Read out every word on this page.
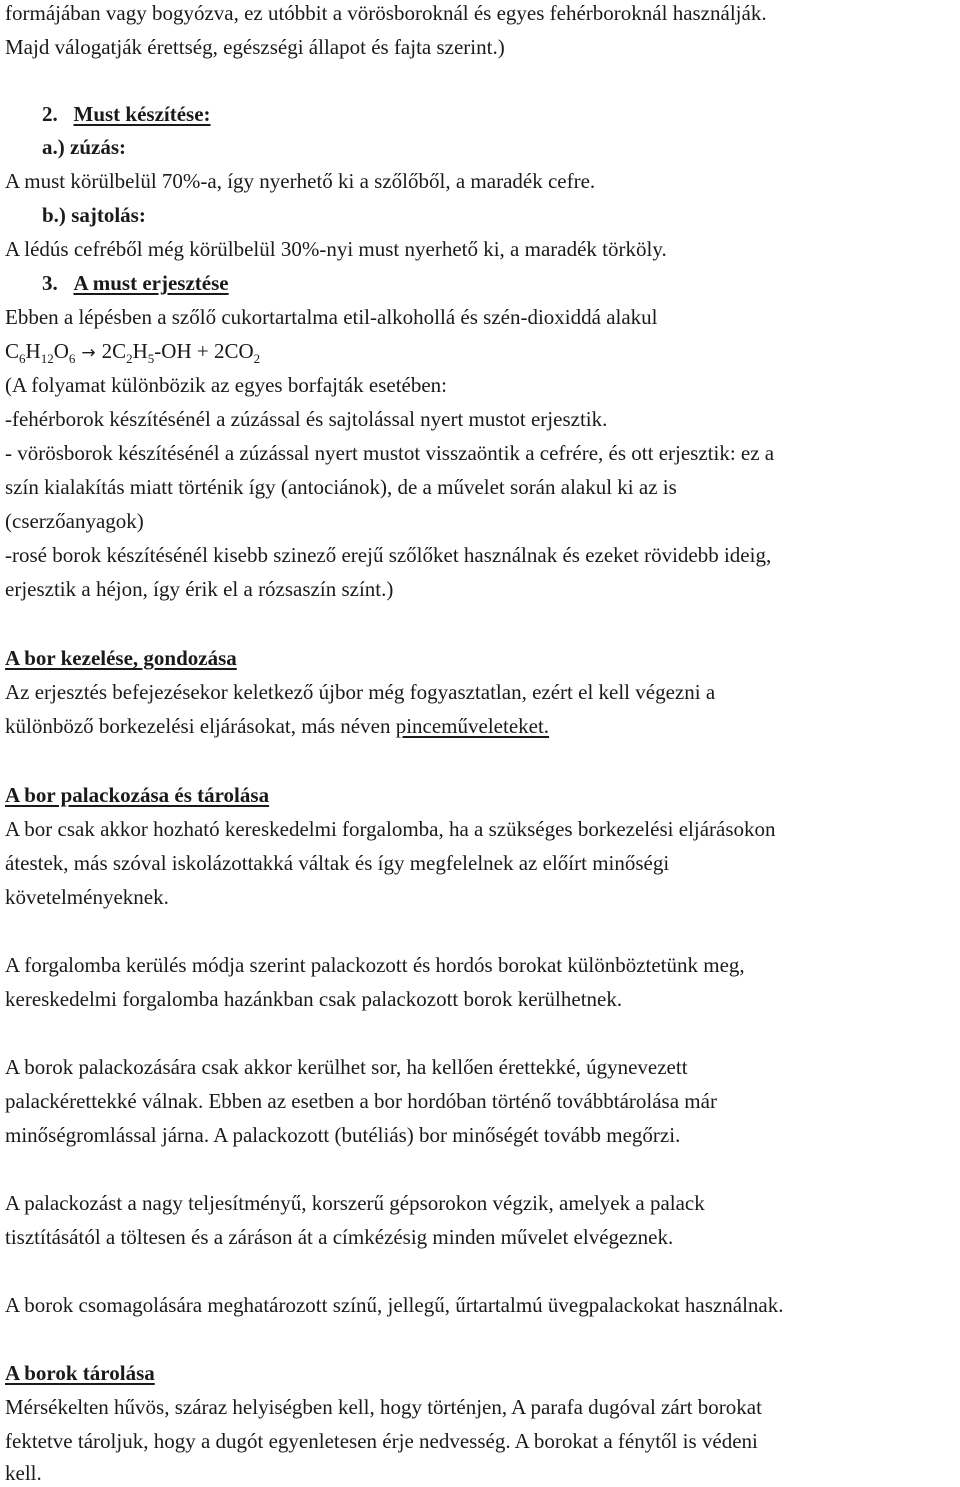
formájában vagy bogyózva, ez utóbbit a vörösboroknál és egyes fehérboroknál használják.
Majd válogatják érettség, egészségi állapot és fajta szerint.)
2. Must készítése:
a.) zúzás:
A must körülbelül 70%-a, így nyerhető ki a szőlőből, a maradék cefre.
b.) sajtolás:
A lédús cefréből még körülbelül 30%-nyi must nyerhető ki, a maradék törköly.
3. A must erjesztése
Ebben a lépésben a szőlő cukortartalma etil-alkohollá és szén-dioxiddá alakul
$C_6H_{12}O_6 \to 2C_2H_5-OH + 2CO_2$
(A folyamat különbözik az egyes borfajták esetében:
-fehérborok készítésénél a zúzással és sajtolással nyert mustot erjesztik.
- vörösborok készítésénél a zúzással nyert mustot visszaöntik a cefrére, és ott erjesztik: ez a
szín kialakítás miatt történik így (antociánok), de a művelet során alakul ki az is
(cserzőanyagok)
-rosé borok készítésénél kisebb szinező erejű szőlőket használnak és ezeket rövidebb ideig,
erjesztik a héjon, így érik el a rózsaszín színt.)
A bor kezelése, gondozása
Az erjesztés befejezésekor keletkező újbor még fogyasztatlan, ezért el kell végezni a
különböző borkezelési eljárásokat, más néven pinceműveleteket.
A bor palackozása és tárolása
A bor csak akkor hozható kereskedelmi forgalomba, ha a szükséges borkezelési eljárásokon
átestek, más szóval iskolázottakká váltak és így megfelelnek az előírt minőségi
követelményeknek.
A forgalomba kerülés módja szerint palackozott és hordós borokat különböztetünk meg,
kereskedelmi forgalomba hazánkban csak palackozott borok kerülhetnek.
A borok palackozására csak akkor kerülhet sor, ha kellően érettekké, úgynevezett
palackérettekké válnak. Ebben az esetben a bor hordóban történő továbbtárolása már
minőségromlással járna. A palackozott (butéliás) bor minőségét tovább megőrzi.
A palackozást a nagy teljesítményű, korszerű gépsorokon végzik, amelyek a palack
tisztításától a töltesen és a záráson át a címkézésig minden művelet elvégeznek.
A borok csomagolására meghatározott színű, jellegű, űrtartalmú üvegpalackokat használnak.
A borok tárolása
Mérsékelten hűvös, száraz helyiségben kell, hogy történjen, A parafa dugóval zárt borokat
fektetve tároljuk, hogy a dugót egyenletesen érje nedvesség. A borokat a fénytől is védeni
kell.
